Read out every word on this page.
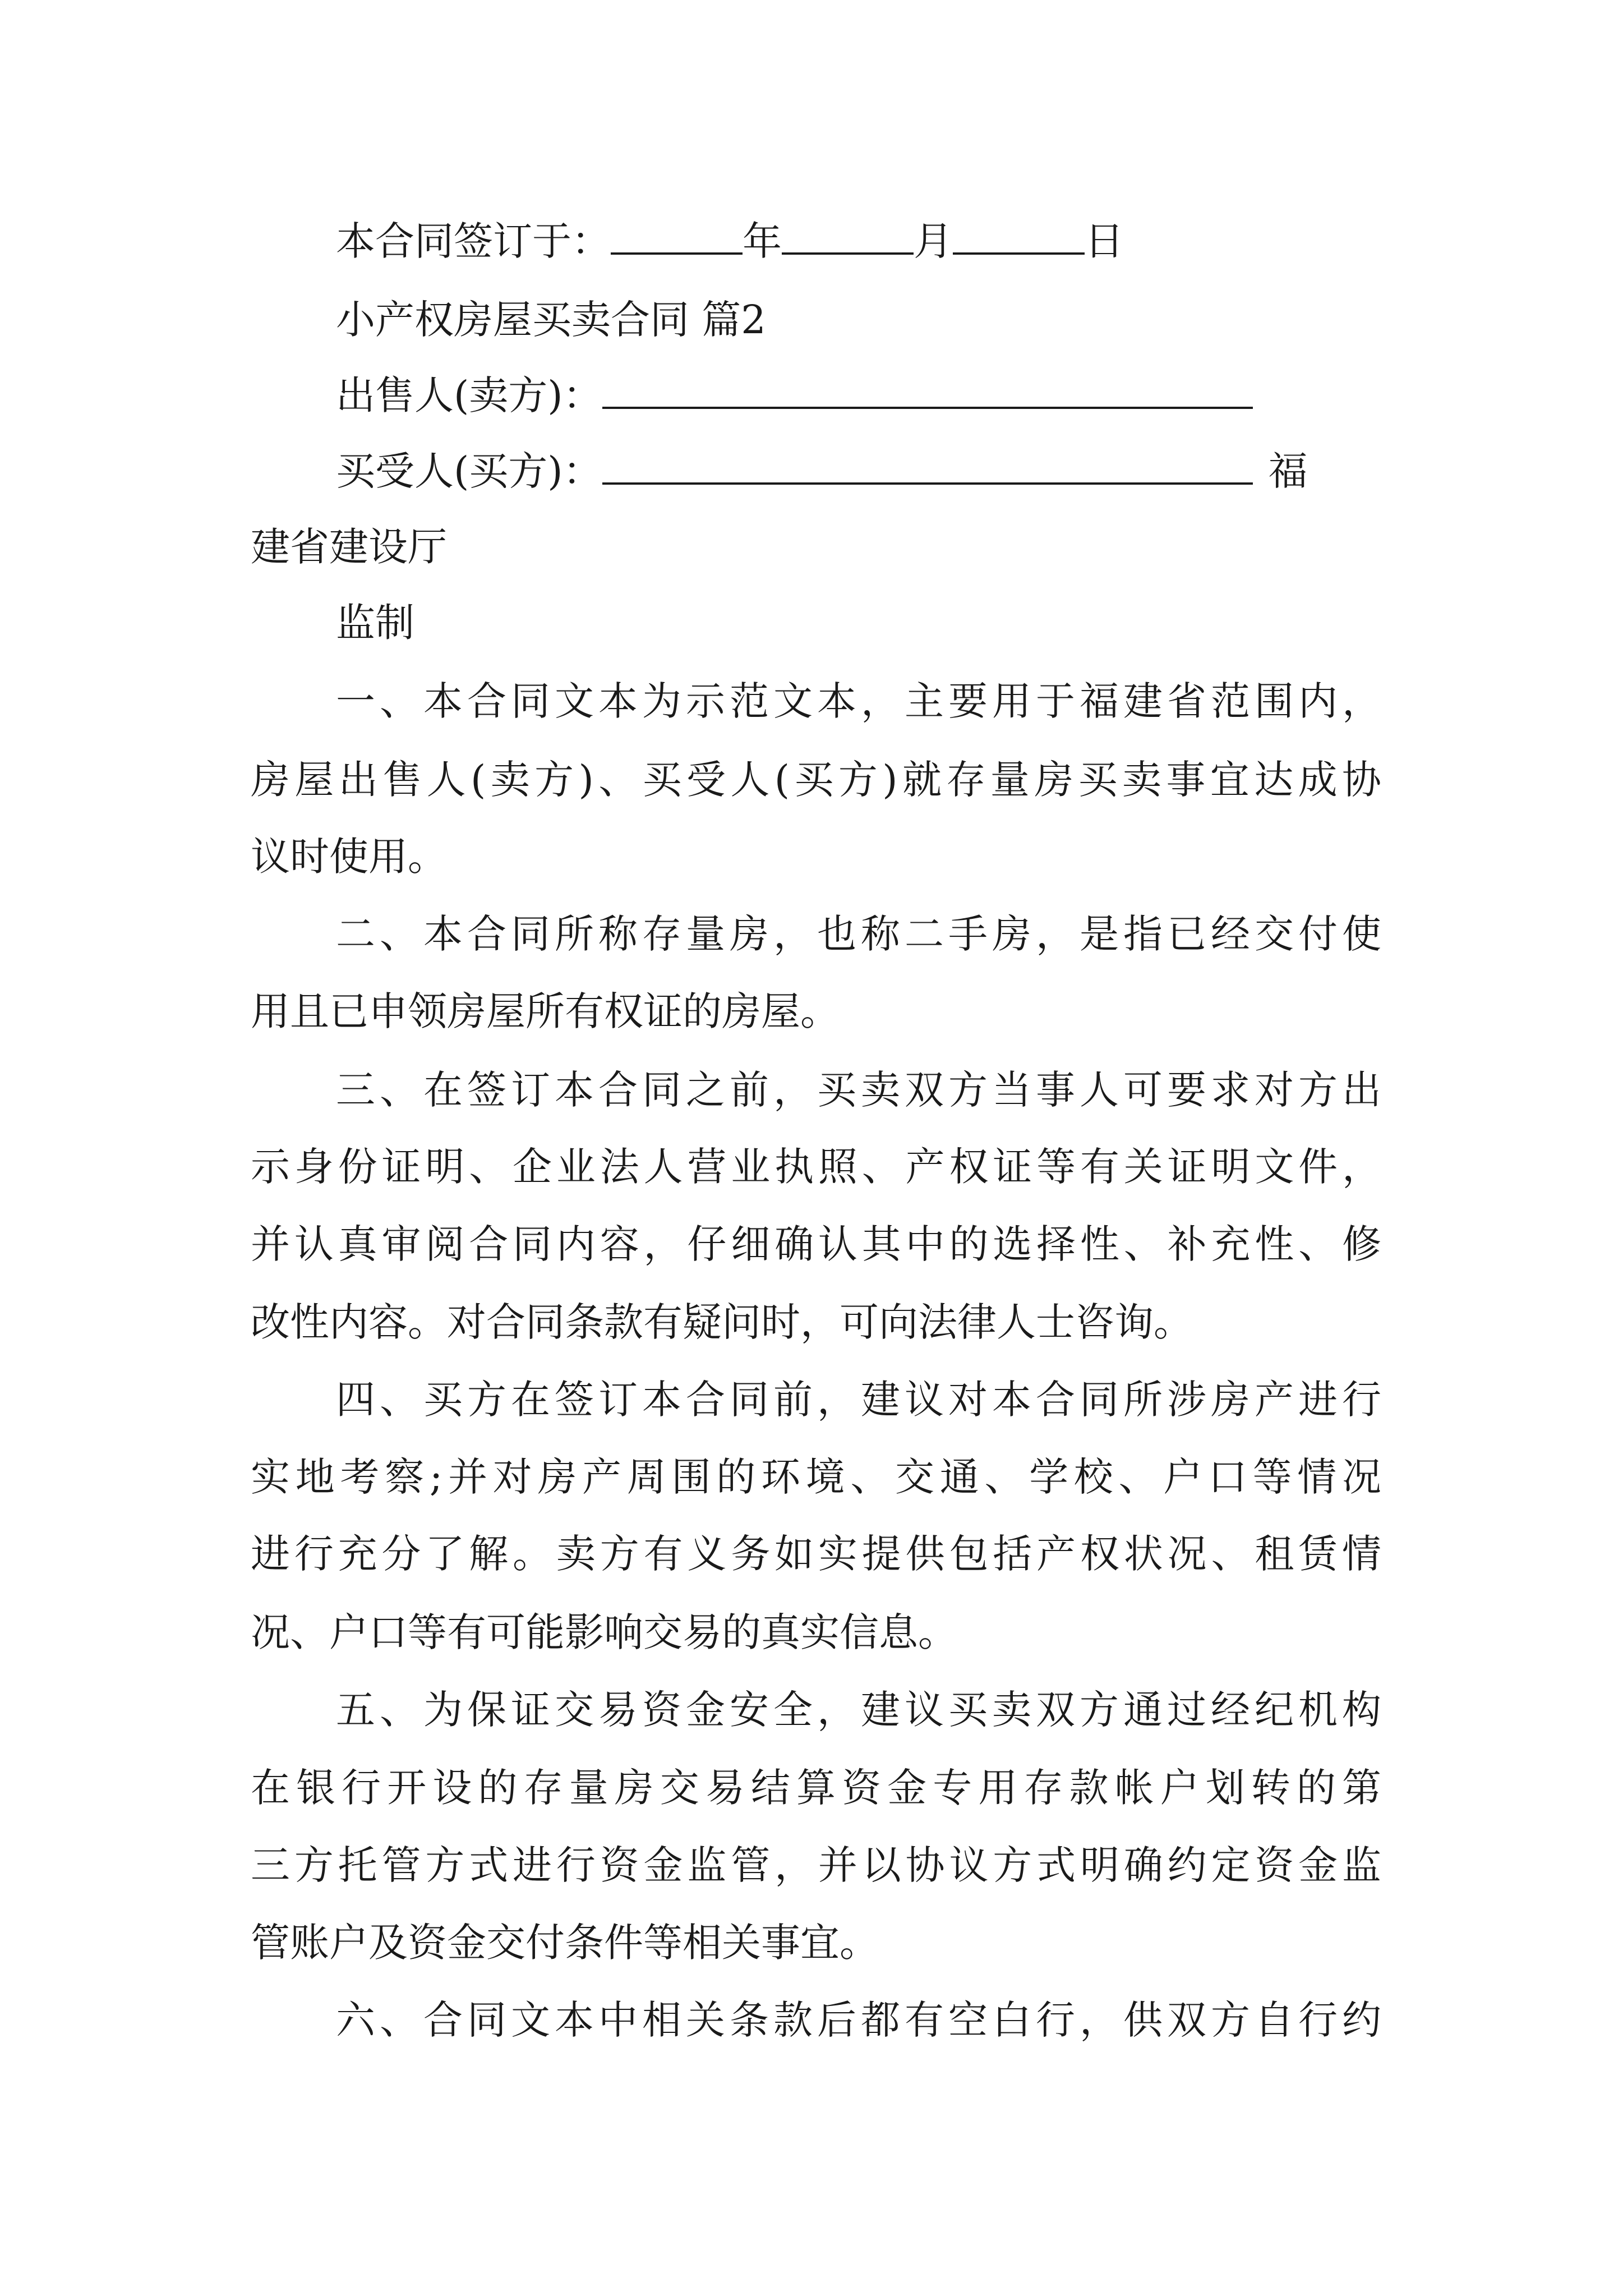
本合同签订于：	年	月	日
小产权房屋买卖合同 篇2
出售人(卖方)：
买受人(买方)：	福
建省建设厅
监制
一、本合同文本为示范文本，主要用于福建省范围内，
房屋出售人(卖方)、买受人(买方)就存量房买卖事宜达成协
议时使用。
二、本合同所称存量房，也称二手房，是指已经交付使
用且已申领房屋所有权证的房屋。
三、在签订本合同之前，买卖双方当事人可要求对方出
示身份证明、企业法人营业执照、产权证等有关证明文件，
并认真审阅合同内容，仔细确认其中的选择性、补充性、修
改性内容。对合同条款有疑问时，可向法律人士咨询。
四、买方在签订本合同前，建议对本合同所涉房产进行
实地考察;并对房产周围的环境、交通、学校、户口等情况
进行充分了解。卖方有义务如实提供包括产权状况、租赁情
况、户口等有可能影响交易的真实信息。
五、为保证交易资金安全，建议买卖双方通过经纪机构
在银行开设的存量房交易结算资金专用存款帐户划转的第
三方托管方式进行资金监管，并以协议方式明确约定资金监
管账户及资金交付条件等相关事宜。
六、合同文本中相关条款后都有空白行，供双方自行约
